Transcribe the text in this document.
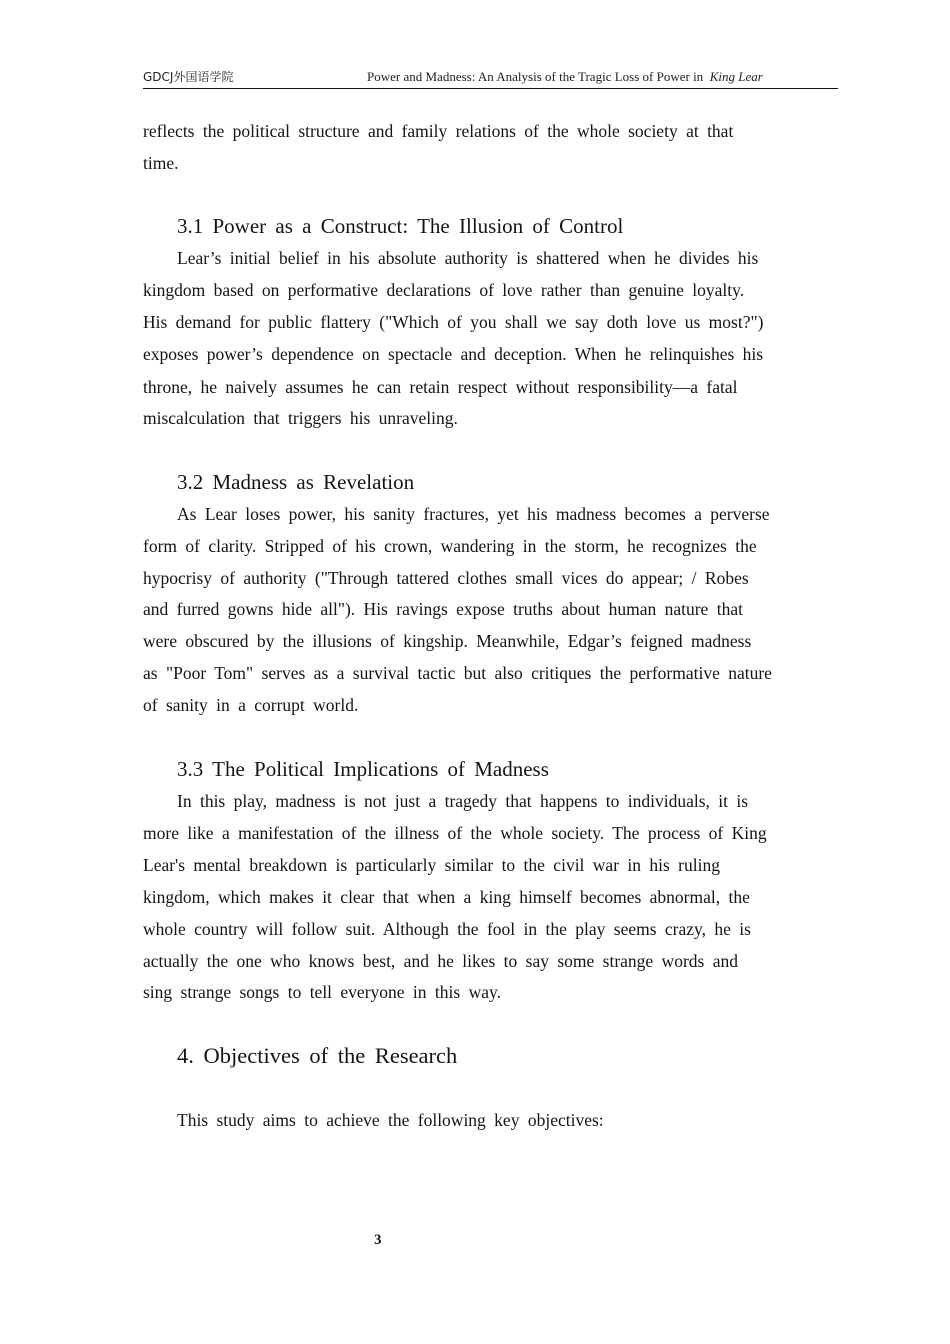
GDCJ外国语学院	Power and Madness: An Analysis of the Tragic Loss of Power in King Lear
reflects the political structure and family relations of the whole society at that
time.
3.1 Power as a Construct: The Illusion of Control
Lear’s initial belief in his absolute authority is shattered when he divides his
kingdom based on performative declarations of love rather than genuine loyalty.
His demand for public flattery ("Which of you shall we say doth love us most?")
exposes power’s dependence on spectacle and deception. When he relinquishes his
throne, he naively assumes he can retain respect without responsibility—a fatal
miscalculation that triggers his unraveling.
3.2 Madness as Revelation
As Lear loses power, his sanity fractures, yet his madness becomes a perverse
form of clarity. Stripped of his crown, wandering in the storm, he recognizes the
hypocrisy of authority ("Through tattered clothes small vices do appear; / Robes
and furred gowns hide all"). His ravings expose truths about human nature that
were obscured by the illusions of kingship. Meanwhile, Edgar’s feigned madness
as "Poor Tom" serves as a survival tactic but also critiques the performative nature
of sanity in a corrupt world.
3.3 The Political Implications of Madness
In this play, madness is not just a tragedy that happens to individuals, it is
more like a manifestation of the illness of the whole society. The process of King
Lear's mental breakdown is particularly similar to the civil war in his ruling
kingdom, which makes it clear that when a king himself becomes abnormal, the
whole country will follow suit. Although the fool in the play seems crazy, he is
actually the one who knows best, and he likes to say some strange words and
sing strange songs to tell everyone in this way.
4. Objectives of the Research
This study aims to achieve the following key objectives:
3
